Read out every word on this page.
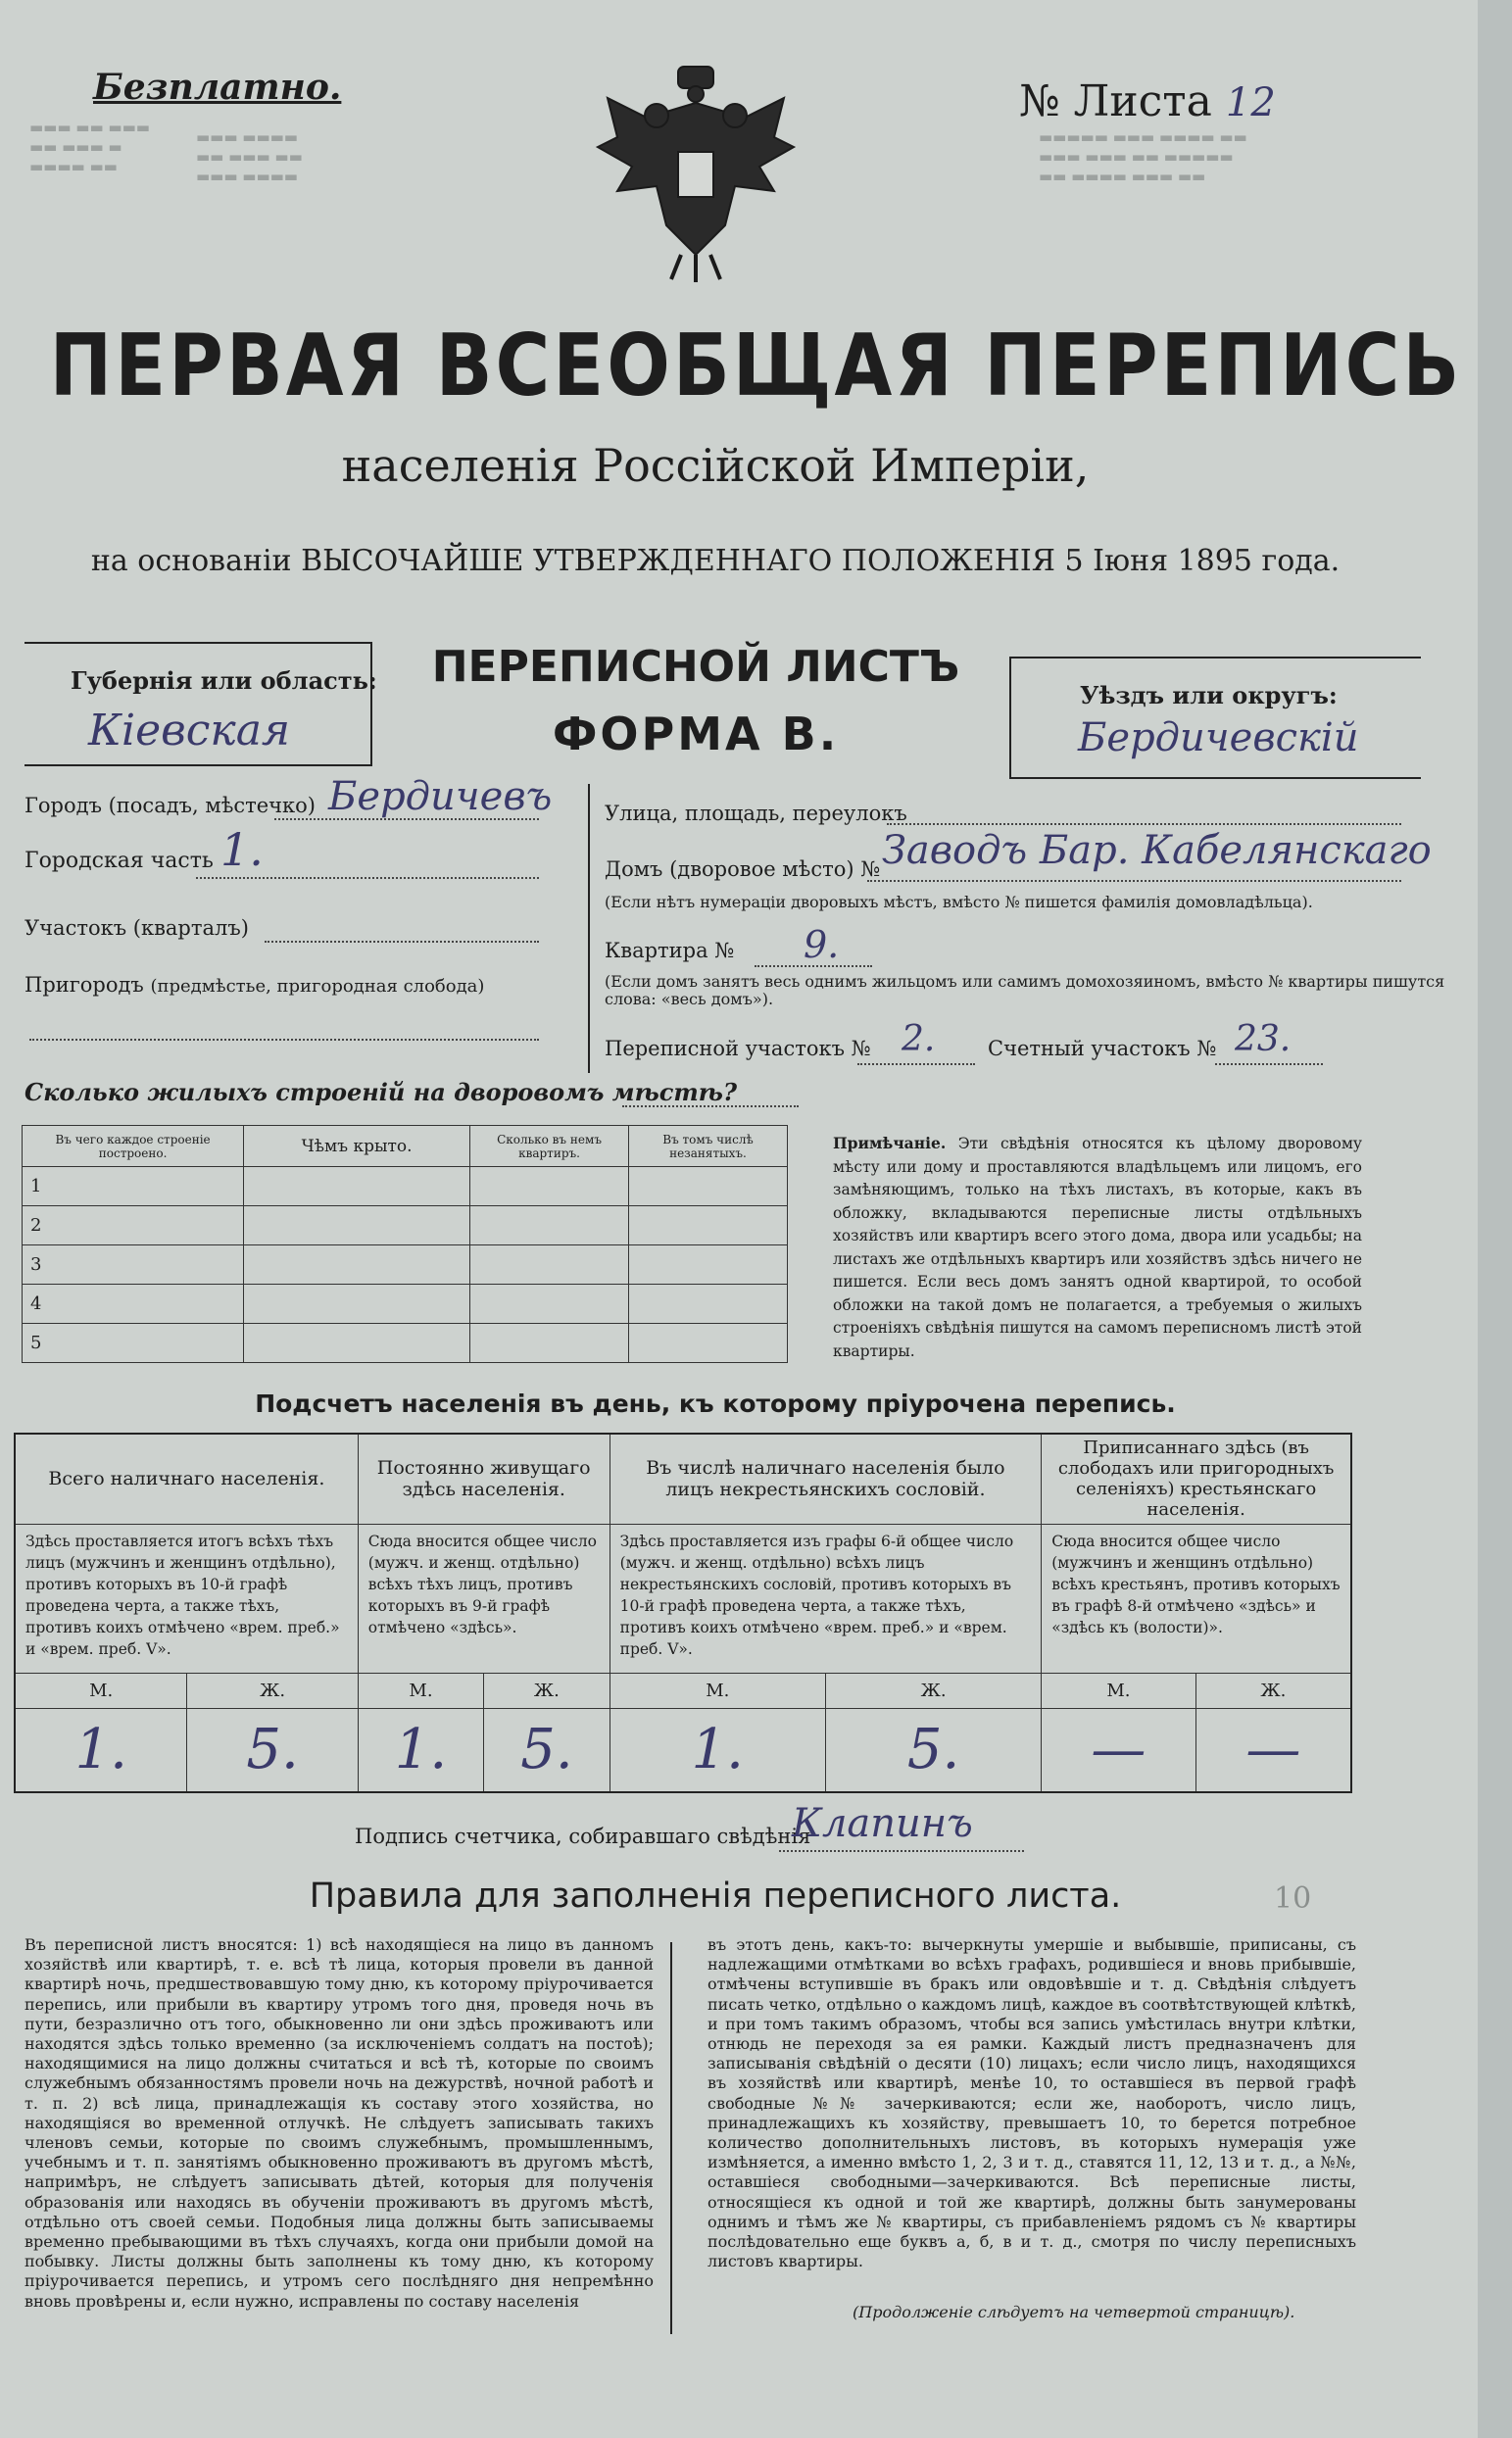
Безплатно.	№ Листа 12
▬▬▬ ▬▬ ▬▬▬
▬▬ ▬▬▬ ▬
▬▬▬▬ ▬▬
▬▬▬ ▬▬▬▬
▬▬ ▬▬▬ ▬▬
▬▬▬ ▬▬▬▬
▬▬▬▬▬ ▬▬▬ ▬▬▬▬ ▬▬
▬▬▬ ▬▬▬ ▬▬ ▬▬▬▬▬
▬▬ ▬▬▬▬ ▬▬▬ ▬▬
ПЕРВАЯ ВСЕОБЩАЯ ПЕРЕПИСЬ
населенія Россійской Имперіи,
на основаніи ВЫСОЧАЙШЕ УТВЕРЖДЕННАГО ПОЛОЖЕНІЯ 5 Іюня 1895 года.
Губернія или область:
Кіевская
ПЕРЕПИСНОЙ ЛИСТЪ
ФОРМА В.
Уѣздъ или округъ:
Бердичевскій
Городъ (посадъ, мѣстечко) Бердичевъ
Городская часть 1.
Участокъ (кварталъ)
Пригородъ (предмѣстье, пригородная слобода)
Улица, площадь, переулокъ
Домъ (дворовое мѣсто) № Заводъ Бар. Кабелянскаго
(Если нѣтъ нумераціи дворовыхъ мѣстъ, вмѣсто № пишется фамилія домовладѣльца).
Квартира № 9.
(Если домъ занятъ весь однимъ жильцомъ или самимъ домохозяиномъ, вмѣсто № квартиры пишутся слова: «весь домъ»).
Переписной участокъ № 2.	Счетный участокъ № 23.
Сколько жилыхъ строеній на дворовомъ мѣстѣ?
Въ чего каждое строеніе построено.	Чѣмъ крыто.	Сколько въ немъ квартиръ.	Въ томъ числѣ незанятыхъ.
1			
2			
3			
4			
5			
Примѣчаніе. Эти свѣдѣнія относятся къ цѣлому дворовому мѣсту или дому и проставляются владѣльцемъ или лицомъ, его замѣняющимъ, только на тѣхъ листахъ, въ которые, какъ въ обложку, вкладываются переписные листы отдѣльныхъ хозяйствъ или квартиръ всего этого дома, двора или усадьбы; на листахъ же отдѣльныхъ квартиръ или хозяйствъ здѣсь ничего не пишется. Если весь домъ занятъ одной квартирой, то особой обложки на такой домъ не полагается, а требуемыя о жилыхъ строеніяхъ свѣдѣнія пишутся на самомъ переписномъ листѣ этой квартиры.
Подсчетъ населенія въ день, къ которому пріурочена перепись.
Всего наличнаго населенія.		Постоянно живущаго здѣсь населенія.		Въ числѣ наличнаго населенія было лицъ некрестьянскихъ сословій.		Приписаннаго здѣсь (въ слободахъ или пригородныхъ селеніяхъ) крестьянскаго населенія.	
Здѣсь проставляется итогъ всѣхъ тѣхъ лицъ (мужчинъ и женщинъ отдѣльно), противъ которыхъ въ 10-й графѣ проведена черта, а также тѣхъ, противъ коихъ отмѣчено «врем. преб.» и «врем. преб. V».		Сюда вносится общее число (мужч. и женщ. отдѣльно) всѣхъ тѣхъ лицъ, противъ которыхъ въ 9-й графѣ отмѣчено «здѣсь».		Здѣсь проставляется изъ графы 6-й общее число (мужч. и женщ. отдѣльно) всѣхъ лицъ некрестьянскихъ сословій, противъ которыхъ въ 10-й графѣ проведена черта, а также тѣхъ, противъ коихъ отмѣчено «врем. преб.» и «врем. преб. V».		Сюда вносится общее число (мужчинъ и женщинъ отдѣльно) всѣхъ крестьянъ, противъ которыхъ въ графѣ 8-й отмѣчено «здѣсь» и «здѣсь къ (волости)».	
М.	Ж.	М.	Ж.	М.	Ж.	М.	Ж.
1.	5.	1.	5.	1.	5.	—	—
Подпись счетчика, собиравшаго свѣдѣнія
Клапинъ
Правила для заполненія переписного листа.	10
Въ переписной листъ вносятся: 1) всѣ находящіеся на лицо въ данномъ хозяйствѣ или квартирѣ, т. е. всѣ тѣ лица, которыя провели въ данной квартирѣ ночь, предшествовавшую тому дню, къ которому пріурочивается перепись, или прибыли въ квартиру утромъ того дня, проведя ночь въ пути, безразлично отъ того, обыкновенно ли они здѣсь проживаютъ или находятся здѣсь только временно (за исключеніемъ солдатъ на постоѣ); находящимися на лицо должны считаться и всѣ тѣ, которые по своимъ служебнымъ обязанностямъ провели ночь на дежурствѣ, ночной работѣ и т. п. 2) всѣ лица, принадлежащія къ составу этого хозяйства, но находящіяся во временной отлучкѣ. Не слѣдуетъ записывать такихъ членовъ семьи, которые по своимъ служебнымъ, промышленнымъ, учебнымъ и т. п. занятіямъ обыкновенно проживаютъ въ другомъ мѣстѣ, напримѣръ, не слѣдуетъ записывать дѣтей, которыя для полученія образованія или находясь въ обученіи проживаютъ въ другомъ мѣстѣ, отдѣльно отъ своей семьи. Подобныя лица должны быть записываемы временно пребывающими въ тѣхъ случаяхъ, когда они прибыли домой на побывку. Листы должны быть заполнены къ тому дню, къ которому пріурочивается перепись, и утромъ сего послѣдняго дня непремѣнно вновь провѣрены и, если нужно, исправлены по составу населенія
въ этотъ день, какъ-то: вычеркнуты умершіе и выбывшіе, приписаны, съ надлежащими отмѣтками во всѣхъ графахъ, родившіеся и вновь прибывшіе, отмѣчены вступившіе въ бракъ или овдовѣвшіе и т. д. Свѣдѣнія слѣдуетъ писать четко, отдѣльно о каждомъ лицѣ, каждое въ соотвѣтствующей клѣткѣ, и при томъ такимъ образомъ, чтобы вся запись умѣстилась внутри клѣтки, отнюдь не переходя за ея рамки. Каждый листъ предназначенъ для записыванія свѣдѣній о десяти (10) лицахъ; если число лицъ, находящихся въ хозяйствѣ или квартирѣ, менѣе 10, то оставшіеся въ первой графѣ свободные №№ зачеркиваются; если же, наоборотъ, число лицъ, принадлежащихъ къ хозяйству, превышаетъ 10, то берется потребное количество дополнительныхъ листовъ, въ которыхъ нумерація уже измѣняется, а именно вмѣсто 1, 2, 3 и т. д., ставятся 11, 12, 13 и т. д., а №№, оставшіеся свободными—зачеркиваются. Всѣ переписные листы, относящіеся къ одной и той же квартирѣ, должны быть занумерованы однимъ и тѣмъ же № квартиры, съ прибавленіемъ рядомъ съ № квартиры послѣдовательно еще буквъ а, б, в и т. д., смотря по числу переписныхъ листовъ квартиры.
(Продолженіе слѣдуетъ на четвертой страницѣ).
